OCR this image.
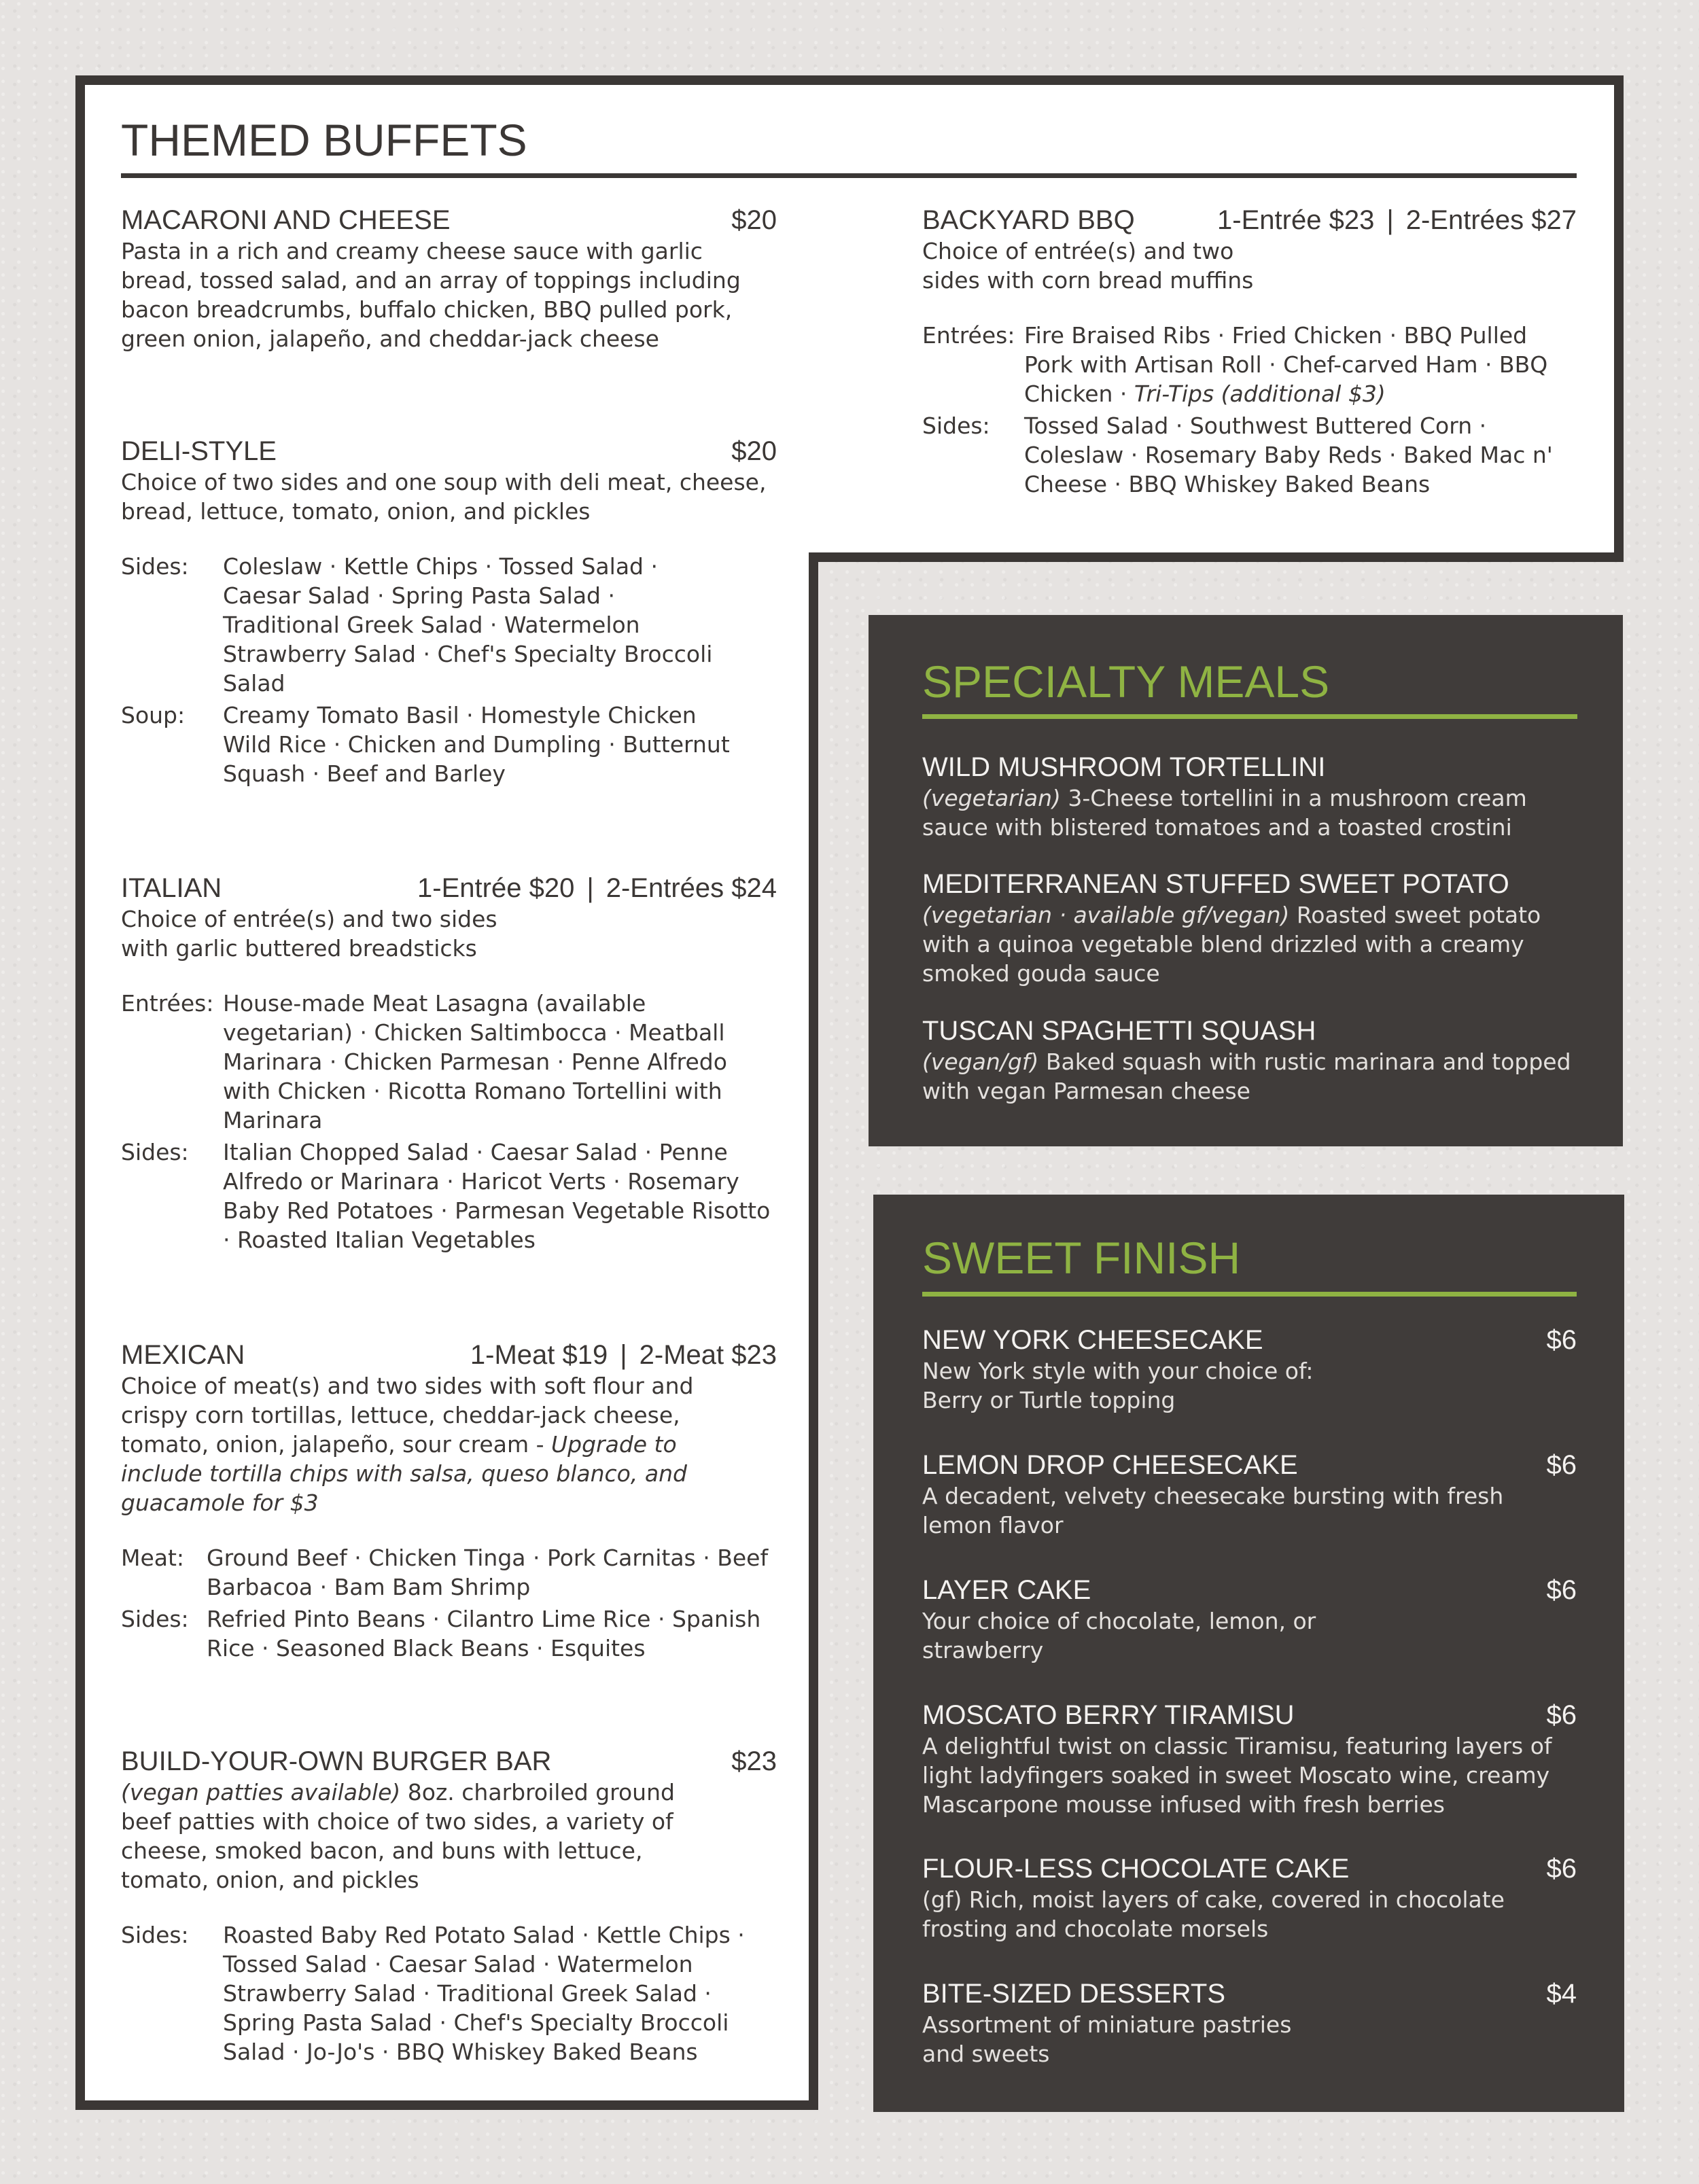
THEMED BUFFETS
MACARONI AND CHEESE	$20
Pasta in a rich and creamy cheese sauce with garlic bread, tossed salad, and an array of toppings including bacon breadcrumbs, buffalo chicken, BBQ pulled pork, green onion, jalapeño, and cheddar-jack cheese
DELI-STYLE	$20
Choice of two sides and one soup with deli meat, cheese, bread, lettuce, tomato, onion, and pickles
Sides:	Coleslaw · Kettle Chips · Tossed Salad · Caesar Salad · Spring Pasta Salad · Traditional Greek Salad · Watermelon Strawberry Salad · Chef's Specialty Broccoli Salad
Soup:	Creamy Tomato Basil · Homestyle Chicken Wild Rice · Chicken and Dumpling · Butternut Squash · Beef and Barley
ITALIAN	1-Entrée $20 | 2-Entrées $24
Choice of entrée(s) and two sides with garlic buttered breadsticks
Entrées: House-made Meat Lasagna (available vegetarian) · Chicken Saltimbocca · Meatball Marinara · Chicken Parmesan · Penne Alfredo with Chicken · Ricotta Romano Tortellini with Marinara
Sides:	Italian Chopped Salad · Caesar Salad · Penne Alfredo or Marinara · Haricot Verts · Rosemary Baby Red Potatoes · Parmesan Vegetable Risotto · Roasted Italian Vegetables
MEXICAN	1-Meat $19 | 2-Meat $23
Choice of meat(s) and two sides with soft flour and crispy corn tortillas, lettuce, cheddar-jack cheese, tomato, onion, jalapeño, sour cream - Upgrade to include tortilla chips with salsa, queso blanco, and guacamole for $3
Meat: Ground Beef · Chicken Tinga · Pork Carnitas · Beef Barbacoa · Bam Bam Shrimp
Sides: Refried Pinto Beans · Cilantro Lime Rice · Spanish Rice · Seasoned Black Beans · Esquites
BUILD-YOUR-OWN BURGER BAR	$23
(vegan patties available) 8oz. charbroiled ground beef patties with choice of two sides, a variety of cheese, smoked bacon, and buns with lettuce, tomato, onion, and pickles
Sides:	Roasted Baby Red Potato Salad · Kettle Chips · Tossed Salad · Caesar Salad · Watermelon Strawberry Salad · Traditional Greek Salad · Spring Pasta Salad · Chef's Specialty Broccoli Salad · Jo-Jo's · BBQ Whiskey Baked Beans
BACKYARD BBQ	1-Entrée $23 | 2-Entrées $27
Choice of entrée(s) and two sides with corn bread muffins
Entrées: Fire Braised Ribs · Fried Chicken · BBQ Pulled Pork with Artisan Roll · Chef-carved Ham · BBQ Chicken · Tri-Tips (additional $3)
Sides:	Tossed Salad · Southwest Buttered Corn · Coleslaw · Rosemary Baby Reds · Baked Mac n' Cheese · BBQ Whiskey Baked Beans
SPECIALTY MEALS
WILD MUSHROOM TORTELLINI
(vegetarian) 3-Cheese tortellini in a mushroom cream sauce with blistered tomatoes and a toasted crostini
MEDITERRANEAN STUFFED SWEET POTATO
(vegetarian · available gf/vegan) Roasted sweet potato with a quinoa vegetable blend drizzled with a creamy smoked gouda sauce
TUSCAN SPAGHETTI SQUASH
(vegan/gf) Baked squash with rustic marinara and topped with vegan Parmesan cheese
SWEET FINISH
NEW YORK CHEESECAKE	$6
New York style with your choice of: Berry or Turtle topping
LEMON DROP CHEESECAKE	$6
A decadent, velvety cheesecake bursting with fresh lemon flavor
LAYER CAKE	$6
Your choice of chocolate, lemon, or strawberry
MOSCATO BERRY TIRAMISU	$6
A delightful twist on classic Tiramisu, featuring layers of light ladyfingers soaked in sweet Moscato wine, creamy Mascarpone mousse infused with fresh berries
FLOUR-LESS CHOCOLATE CAKE	$6
(gf) Rich, moist layers of cake, covered in chocolate frosting and chocolate morsels
BITE-SIZED DESSERTS	$4
Assortment of miniature pastries and sweets
